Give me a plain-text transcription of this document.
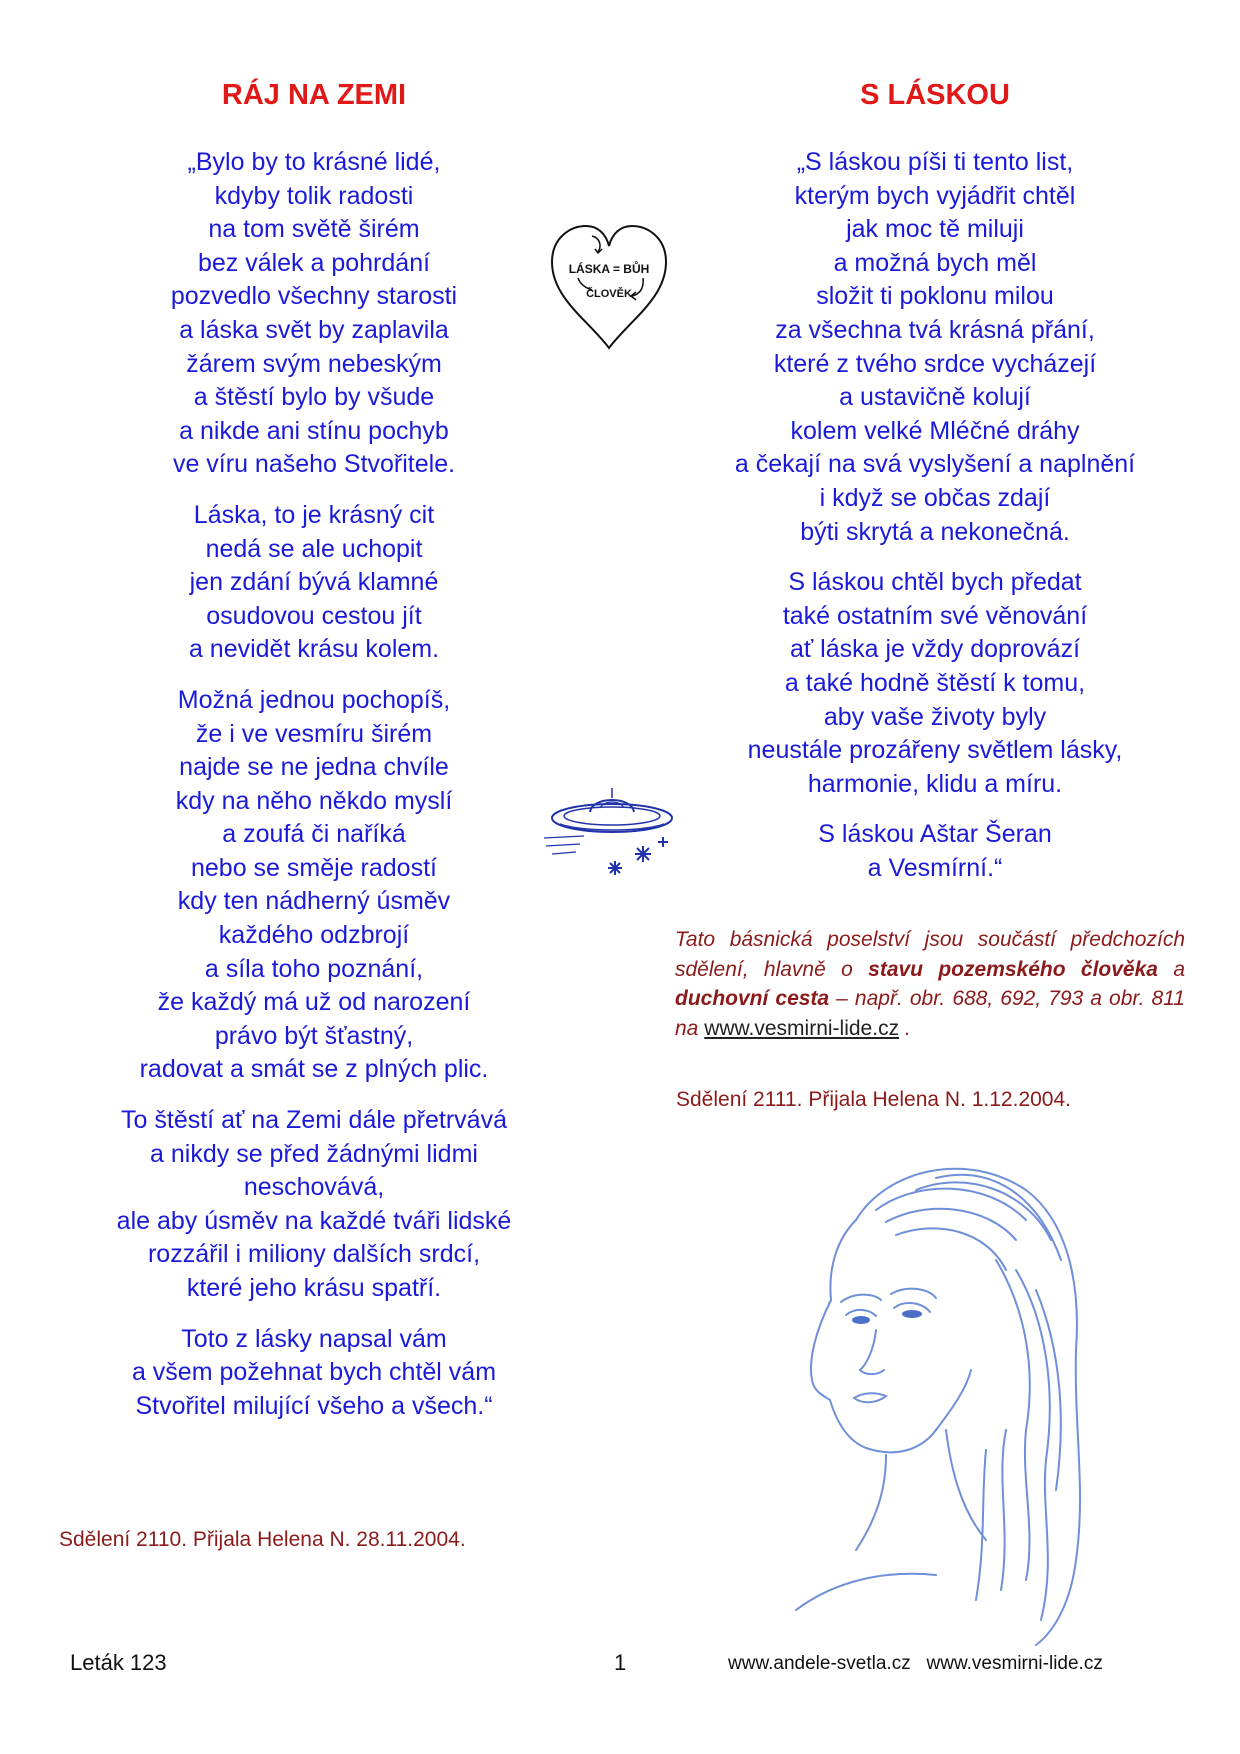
RÁJ NA ZEMI
„Bylo by to krásné lidé,
kdyby tolik radosti
na tom světě širém
bez válek a pohrdání
pozvedlo všechny starosti
a láska svět by zaplavila
žárem svým nebeským
a štěstí bylo by všude
a nikde ani stínu pochyb
ve víru našeho Stvořitele.
Láska, to je krásný cit
nedá se ale uchopit
jen zdání bývá klamné
osudovou cestou jít
a nevidět krásu kolem.
Možná jednou pochopíš,
že i ve vesmíru širém
najde se ne jedna chvíle
kdy na něho někdo myslí
a zoufá či naříká
nebo se směje radostí
kdy ten nádherný úsměv
každého odzbrojí
a síla toho poznání,
že každý má už od narození
právo být šťastný,
radovat a smát se z plných plic.
To štěstí ať na Zemi dále přetrvává
a nikdy se před žádnými lidmi
neschovává,
ale aby úsměv na každé tváři lidské
rozzářil i miliony dalších srdcí,
které jeho krásu spatří.
Toto z lásky napsal vám
a všem požehnat bych chtěl vám
Stvořitel milující všeho a všech.“
S LÁSKOU
„S láskou píši ti tento list,
kterým bych vyjádřit chtěl
jak moc tě miluji
a možná bych měl
složit ti poklonu milou
za všechna tvá krásná přání,
které z tvého srdce vycházejí
a ustavičně kolují
kolem velké Mléčné dráhy
a čekají na svá vyslyšení a naplnění
i když se občas zdají
býti skrytá a nekonečná.
S láskou chtěl bych předat
také ostatním své věnování
ať láska je vždy doprovází
a také hodně štěstí k tomu,
aby vaše životy byly
neustále prozářeny světlem lásky,
harmonie, klidu a míru.
S láskou Aštar Šeran
a Vesmírní.“
Sdělení 2110. Přijala Helena N. 28.11.2004.
Tato básnická poselství jsou součástí předchozích sdělení, hlavně o stavu pozemského člověka a duchovní cesta – např. obr. 688, 692, 793 a obr. 811 na www.vesmirni-lide.cz .
Sdělení 2111. Přijala Helena N. 1.12.2004.
LÁSKA = BŮH
ČLOVĚK
Leták 123	1	www.andele-svetla.cz   www.vesmirni-lide.cz
